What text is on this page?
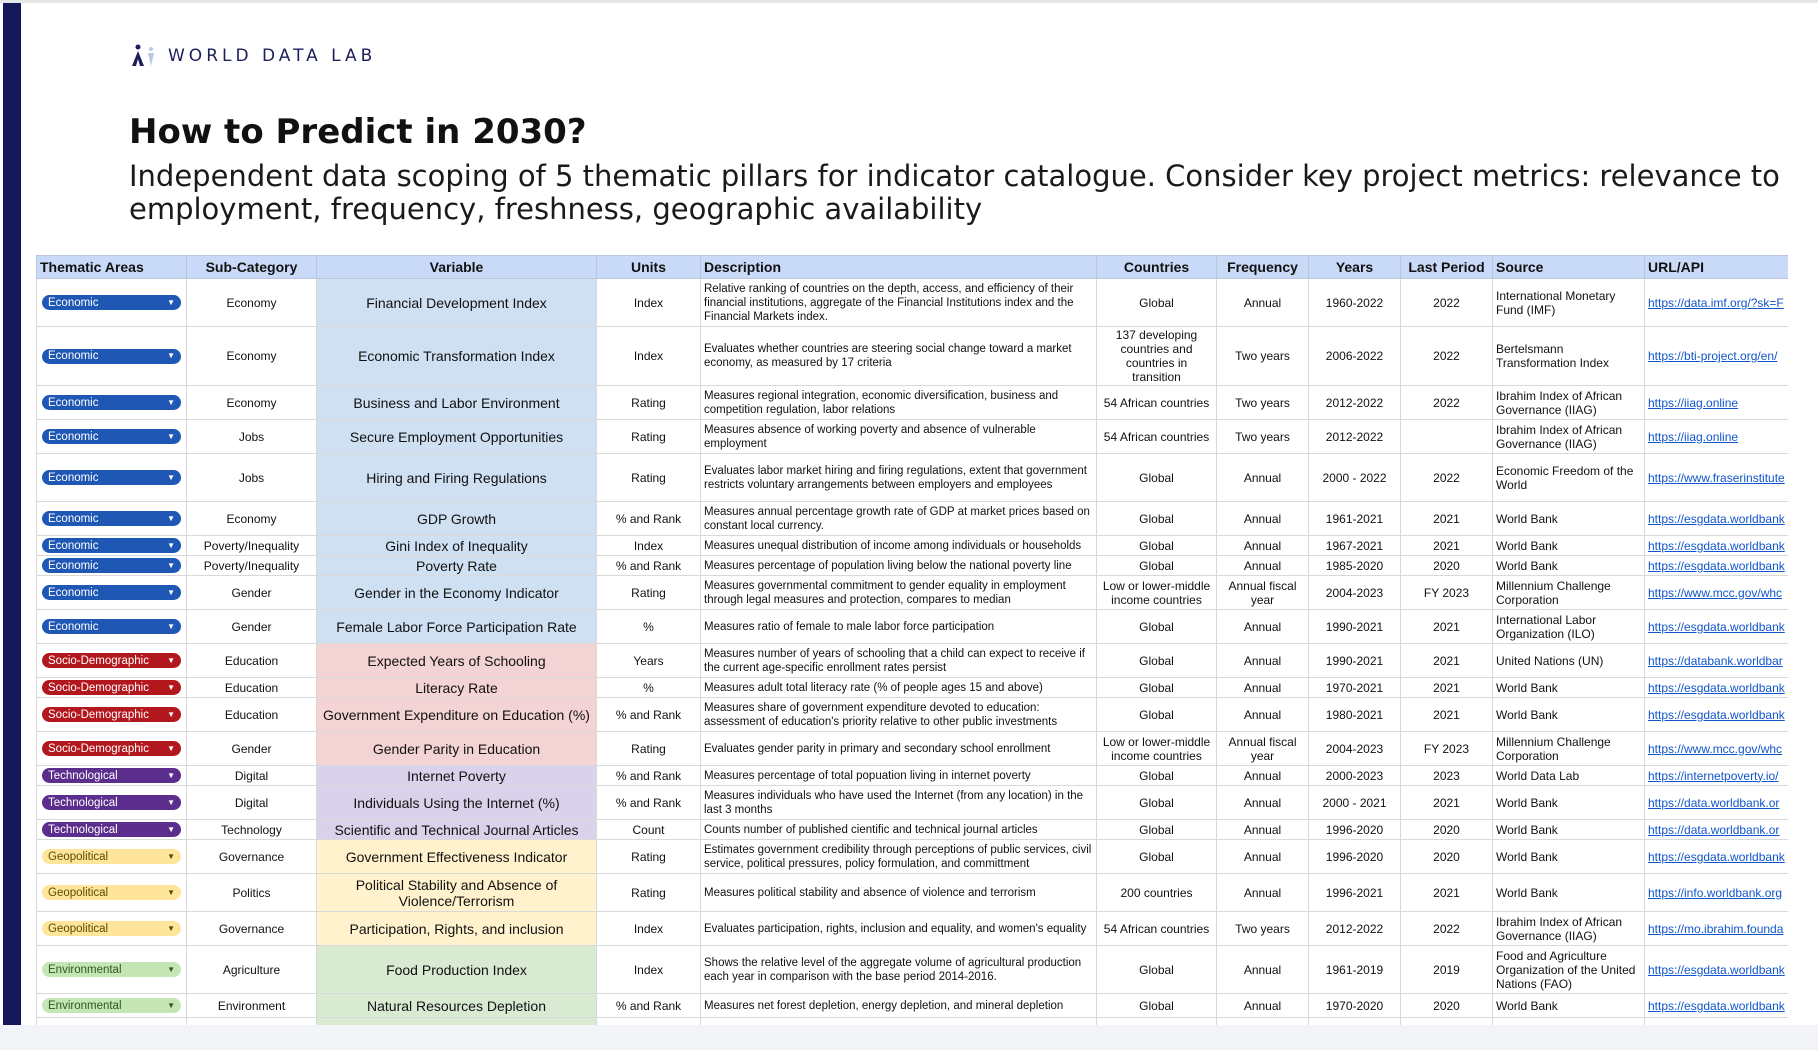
WORLD DATA LAB
How to Predict in 2030?
Independent data scoping of 5 thematic pillars for indicator catalogue. Consider key project metrics: relevance to employment, frequency, freshness, geographic availability
Thematic Areas	Sub-Category	Variable	Units	Description	Countries	Frequency	Years	Last Period	Source	URL/API

Economic ▼	Economy	Financial Development Index	Index	Relative ranking of countries on the depth, access, and efficiency of their financial institutions, aggregate of the Financial Institutions index and the Financial Markets index.	Global	Annual	1960-2022	2022	International Monetary Fund (IMF)	https://data.imf.org/?sk=F

Economic ▼	Economy	Economic Transformation Index	Index	Evaluates whether countries are steering social change toward a market economy, as measured by 17 criteria	137 developing countries and countries in transition	Two years	2006-2022	2022	Bertelsmann Transformation Index	https://bti-project.org/en/

Economic ▼	Economy	Business and Labor Environment	Rating	Measures regional integration, economic diversification, business and competition regulation, labor relations	54 African countries	Two years	2012-2022	2022	Ibrahim Index of African Governance (IIAG)	https://iiag.online

Economic ▼	Jobs	Secure Employment Opportunities	Rating	Measures absence of working poverty and absence of vulnerable employment	54 African countries	Two years	2012-2022		Ibrahim Index of African Governance (IIAG)	https://iiag.online

Economic ▼	Jobs	Hiring and Firing Regulations	Rating	Evaluates labor market hiring and firing regulations, extent that government restricts voluntary arrangements between employers and employees	Global	Annual	2000 - 2022	2022	Economic Freedom of the World	https://www.fraserinstitute

Economic ▼	Economy	GDP Growth	% and Rank	Measures annual percentage growth rate of GDP at market prices based on constant local currency.	Global	Annual	1961-2021	2021	World Bank	https://esgdata.worldbank

Economic ▼	Poverty/Inequality	Gini Index of Inequality	Index	Measures unequal distribution of income among individuals or households	Global	Annual	1967-2021	2021	World Bank	https://esgdata.worldbank

Economic ▼	Poverty/Inequality	Poverty Rate	% and Rank	Measures percentage of population living below the national poverty line	Global	Annual	1985-2020	2020	World Bank	https://esgdata.worldbank

Economic ▼	Gender	Gender in the Economy Indicator	Rating	Measures governmental commitment to gender equality in employment through legal measures and protection, compares to median	Low or lower-middle income countries	Annual fiscal year	2004-2023	FY 2023	Millennium Challenge Corporation	https://www.mcc.gov/whc

Economic ▼	Gender	Female Labor Force Participation Rate	%	Measures ratio of female to male labor force participation	Global	Annual	1990-2021	2021	International Labor Organization (ILO)	https://esgdata.worldbank

Socio-Demographic ▼	Education	Expected Years of Schooling	Years	Measures number of years of schooling that a child can expect to receive if the current age-specific enrollment rates persist	Global	Annual	1990-2021	2021	United Nations (UN)	https://databank.worldbar

Socio-Demographic ▼	Education	Literacy Rate	%	Measures adult total literacy rate (% of people ages 15 and above)	Global	Annual	1970-2021	2021	World Bank	https://esgdata.worldbank

Socio-Demographic ▼	Education	Government Expenditure on Education (%)	% and Rank	Measures share of government expenditure devoted to education: assessment of education's priority relative to other public investments	Global	Annual	1980-2021	2021	World Bank	https://esgdata.worldbank

Socio-Demographic ▼	Gender	Gender Parity in Education	Rating	Evaluates gender parity in primary and secondary school enrollment	Low or lower-middle income countries	Annual fiscal year	2004-2023	FY 2023	Millennium Challenge Corporation	https://www.mcc.gov/whc

Technological ▼	Digital	Internet Poverty	% and Rank	Measures percentage of total popuation living in internet poverty	Global	Annual	2000-2023	2023	World Data Lab	https://internetpoverty.io/

Technological ▼	Digital	Individuals Using the Internet (%)	% and Rank	Measures individuals who have used the Internet (from any location) in the last 3 months	Global	Annual	2000 - 2021	2021	World Bank	https://data.worldbank.or

Technological ▼	Technology	Scientific and Technical Journal Articles	Count	Counts number of published cientific and technical journal articles	Global	Annual	1996-2020	2020	World Bank	https://data.worldbank.or

Geopolitical ▼	Governance	Government Effectiveness Indicator	Rating	Estimates government credibility through perceptions of public services, civil service, political pressures, policy formulation, and committment	Global	Annual	1996-2020	2020	World Bank	https://esgdata.worldbank

Geopolitical ▼	Politics	Political Stability and Absence of Violence/Terrorism	Rating	Measures political stability and absence of violence and terrorism	200 countries	Annual	1996-2021	2021	World Bank	https://info.worldbank.org

Geopolitical ▼	Governance	Participation, Rights, and inclusion	Index	Evaluates participation, rights, inclusion and equality, and women's equality	54 African countries	Two years	2012-2022	2022	Ibrahim Index of African Governance (IIAG)	https://mo.ibrahim.founda

Environmental ▼	Agriculture	Food Production Index	Index	Shows the relative level of the aggregate volume of agricultural production each year in comparison with the base period 2014-2016.	Global	Annual	1961-2019	2019	Food and Agriculture Organization of the United Nations (FAO)	https://esgdata.worldbank

Environmental ▼	Environment	Natural Resources Depletion	% and Rank	Measures net forest depletion, energy depletion, and mineral depletion	Global	Annual	1970-2020	2020	World Bank	https://esgdata.worldbank
